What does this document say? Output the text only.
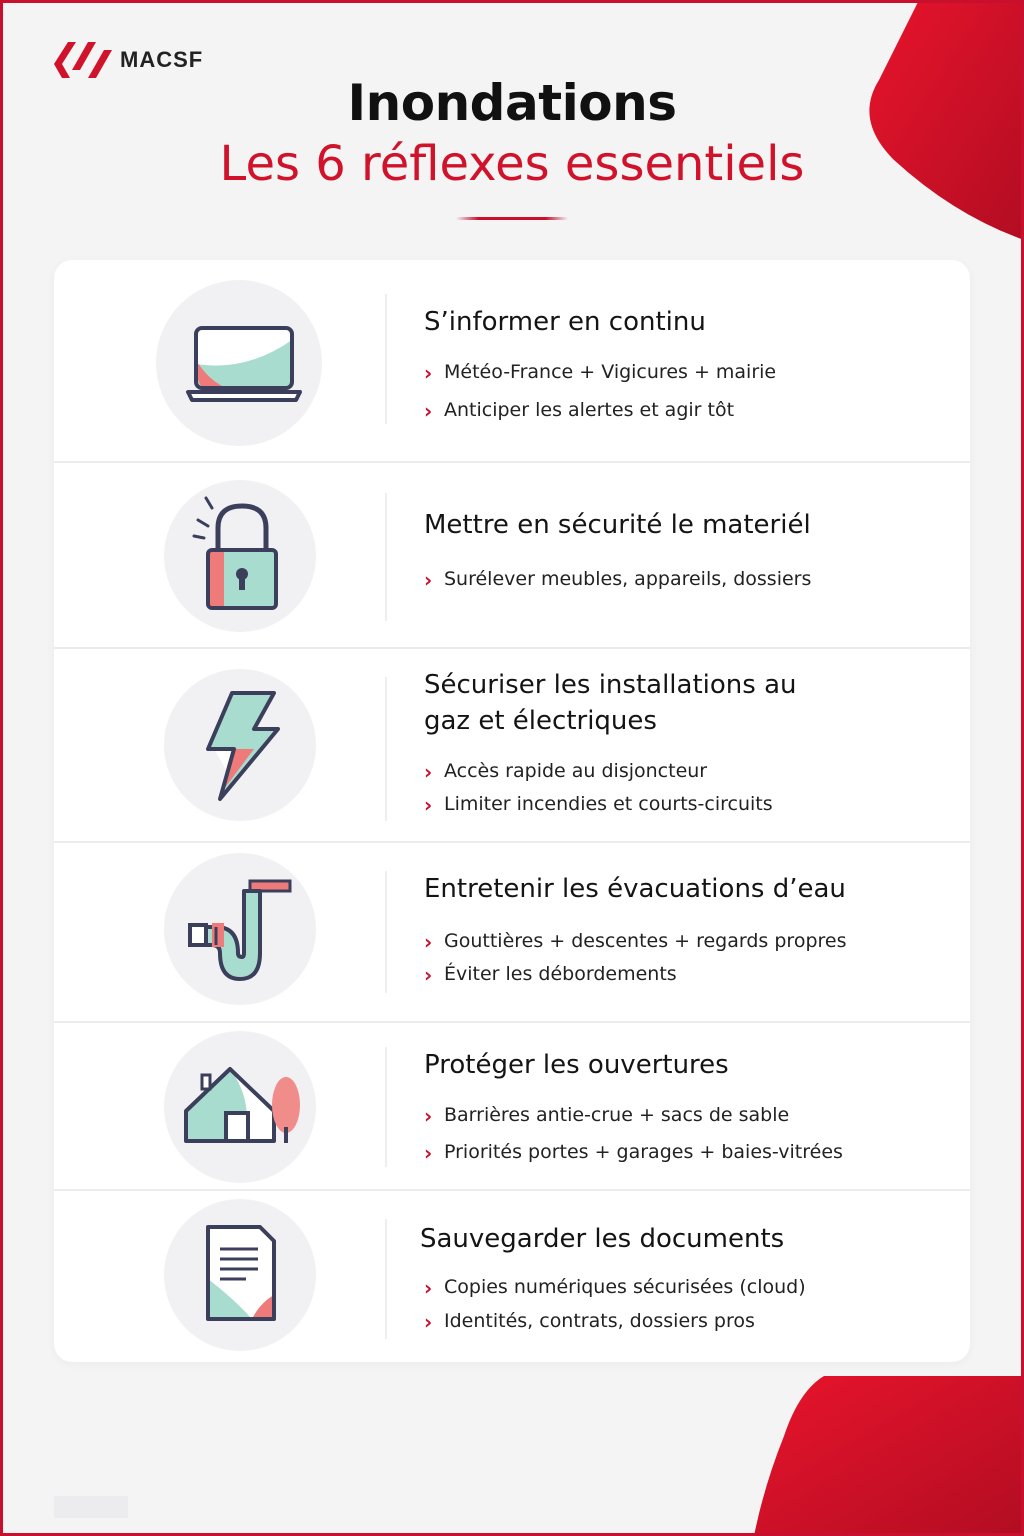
MACSF
Inondations
Les 6 réflexes essentiels
S’informer en continu
› Météo-France + Vigicures + mairie
› Anticiper les alertes et agir tôt
Mettre en sécurité le materiél
› Surélever meubles, appareils, dossiers
Sécuriser les installations au
gaz et électriques
› Accès rapide au disjoncteur
› Limiter incendies et courts-circuits
Entretenir les évacuations d’eau
› Gouttières + descentes + regards propres
› Éviter les débordements
Protéger les ouvertures
› Barrières antie-crue + sacs de sable
› Priorités portes + garages + baies-vitrées
Sauvegarder les documents
› Copies numériques sécurisées (cloud)
› Identités, contrats, dossiers pros
